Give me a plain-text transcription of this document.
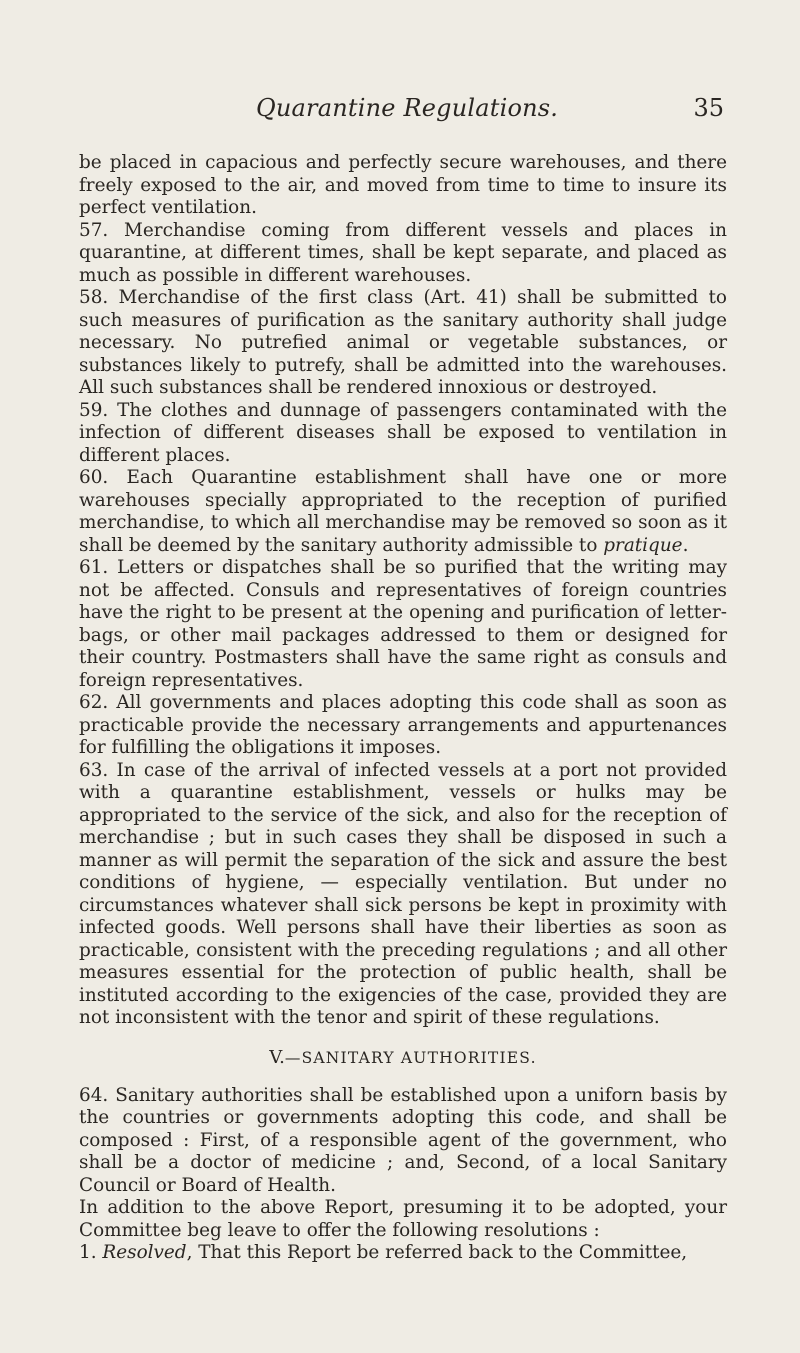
Quarantine Regulations.	35

be placed in capacious and perfectly secure warehouses, and there freely exposed to the air, and moved from time to time to insure its perfect ventilation.

57. Merchandise coming from different vessels and places in quarantine, at different times, shall be kept separate, and placed as much as possible in different warehouses.

58. Merchandise of the first class (Art. 41) shall be submitted to such measures of purification as the sanitary authority shall judge necessary. No putrefied animal or vegetable substances, or substances likely to putrefy, shall be admitted into the warehouses. All such substances shall be rendered innoxious or destroyed.

59. The clothes and dunnage of passengers contaminated with the infection of different diseases shall be exposed to ventilation in different places.

60. Each Quarantine establishment shall have one or more warehouses specially appropriated to the reception of purified merchandise, to which all merchandise may be removed so soon as it shall be deemed by the sanitary authority admissible to pratique.

61. Letters or dispatches shall be so purified that the writing may not be affected. Consuls and representatives of foreign countries have the right to be present at the opening and purification of letter-bags, or other mail packages addressed to them or designed for their country. Postmasters shall have the same right as consuls and foreign representatives.

62. All governments and places adopting this code shall as soon as practicable provide the necessary arrangements and appurtenances for fulfilling the obligations it imposes.

63. In case of the arrival of infected vessels at a port not provided with a quarantine establishment, vessels or hulks may be appropriated to the service of the sick, and also for the reception of merchandise ; but in such cases they shall be disposed in such a manner as will permit the separation of the sick and assure the best conditions of hygiene, — especially ventilation. But under no circumstances whatever shall sick persons be kept in proximity with infected goods. Well persons shall have their liberties as soon as practicable, consistent with the preceding regulations ; and all other measures essential for the protection of public health, shall be instituted according to the exigencies of the case, provided they are not inconsistent with the tenor and spirit of these regulations.

V.—SANITARY AUTHORITIES.

64. Sanitary authorities shall be established upon a uniforn basis by the countries or governments adopting this code, and shall be composed : First, of a responsible agent of the government, who shall be a doctor of medicine ; and, Second, of a local Sanitary Council or Board of Health.

In addition to the above Report, presuming it to be adopted, your Committee beg leave to offer the following resolutions :

1. Resolved, That this Report be referred back to the Committee,
